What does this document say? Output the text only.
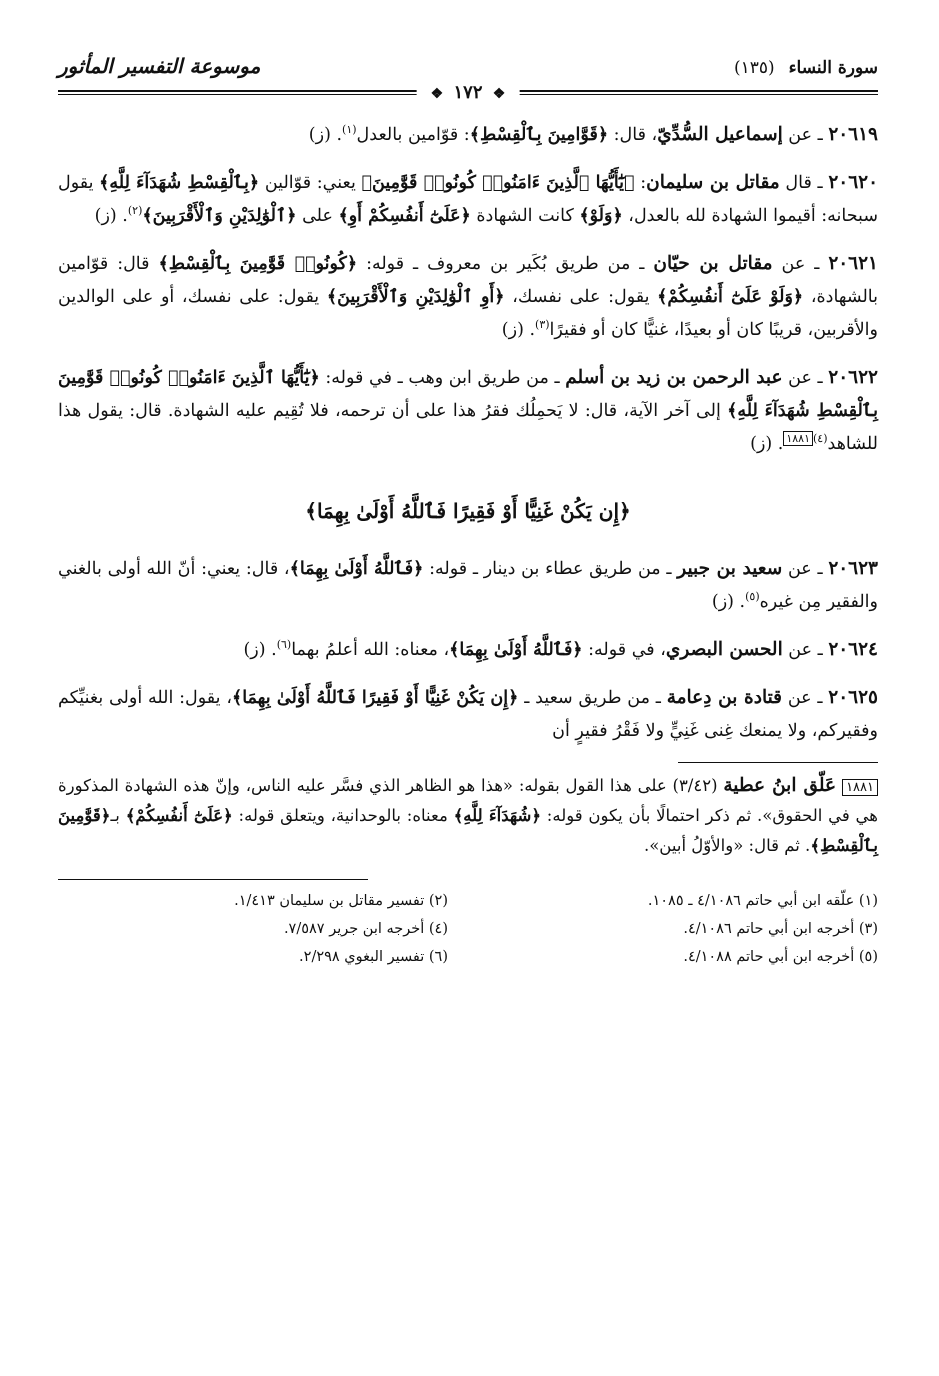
سورة النساء (١٣٥)
موسوعة التفسير المأثور
❖ ١٧٢ ❖

٢٠٦١٩ ـ عن إسماعيل السُّدِّيّ، قال: ﴿قَوَّامِينَ بِٱلْقِسْطِ﴾: قوّامين بالعدل$^{(١)}$. (ز)

٢٠٦٢٠ ـ قال مقاتل بن سليمان: ﴿يَٰٓأَيُّهَا ٱلَّذِينَ ءَامَنُوا۟ كُونُوا۟ قَوَّٰمِينَ﴾ يعني: قوّالين ﴿بِٱلْقِسْطِ شُهَدَآءَ لِلَّهِ﴾ يقول سبحانه: أقيموا الشهادة لله بالعدل، ﴿وَلَوْ﴾ كانت الشهادة ﴿عَلَىٰٓ أَنفُسِكُمْ أَوِ﴾ على ﴿ٱلْوَٰلِدَيْنِ وَٱلْأَقْرَبِينَ﴾$^{(٢)}$. (ز)

٢٠٦٢١ ـ عن مقاتل بن حيّان ـ من طريق بُكَير بن معروف ـ قوله: ﴿كُونُوا۟ قَوَّٰمِينَ بِٱلْقِسْطِ﴾ قال: قوّامين بالشهادة، ﴿وَلَوْ عَلَىٰٓ أَنفُسِكُمْ﴾ يقول: على نفسك، ﴿أَوِ ٱلْوَٰلِدَيْنِ وَٱلْأَقْرَبِينَ﴾ يقول: على نفسك، أو على الوالدين والأقربين، قريبًا كان أو بعيدًا، غنيًّا كان أو فقيرًا$^{(٣)}$. (ز)

٢٠٦٢٢ ـ عن عبد الرحمن بن زيد بن أسلم ـ من طريق ابن وهب ـ في قوله: ﴿يَٰٓأَيُّهَا ٱلَّذِينَ ءَامَنُوا۟ كُونُوا۟ قَوَّٰمِينَ بِٱلْقِسْطِ شُهَدَآءَ لِلَّهِ﴾ إلى آخر الآية، قال: لا يَحمِلُك فقرُ هذا على أن ترحمه، فلا تُقِيم عليه الشهادة. قال: يقول هذا للشاهد$^{(٤)}$١٨٨١. (ز)

﴿إِن يَكُنْ غَنِيًّا أَوْ فَقِيرًا فَٱللَّهُ أَوْلَىٰ بِهِمَا﴾

٢٠٦٢٣ ـ عن سعيد بن جبير ـ من طريق عطاء بن دينار ـ قوله: ﴿فَٱللَّهُ أَوْلَىٰ بِهِمَا﴾، قال: يعني: أنّ الله أولى بالغني والفقير مِن غيره$^{(٥)}$. (ز)

٢٠٦٢٤ ـ عن الحسن البصري، في قوله: ﴿فَٱللَّهُ أَوْلَىٰ بِهِمَا﴾، معناه: الله أعلمُ بهما$^{(٦)}$. (ز)

٢٠٦٢٥ ـ عن قتادة بن دِعامة ـ من طريق سعيد ـ ﴿إِن يَكُنْ غَنِيًّا أَوْ فَقِيرًا فَٱللَّهُ أَوْلَىٰ بِهِمَا﴾، يقول: الله أولى بغنيِّكم وفقيركم، ولا يمنعك غِنى غَنِيٍّ ولا فَقْرُ فقيرٍ أن

١٨٨١عَلّق ابنُ عطية (٣/٤٢) على هذا القول بقوله: «هذا هو الظاهر الذي فسَّر عليه الناس، وإنّ هذه الشهادة المذكورة هي في الحقوق». ثم ذكر احتمالًا بأن يكون قوله: ﴿شُهَدَآءَ لِلَّهِ﴾ معناه: بالوحدانية، ويتعلق قوله: ﴿عَلَىٰٓ أَنفُسِكُمْ﴾ بـ﴿قَوَّٰمِينَ بِٱلْقِسْطِ﴾. ثم قال: «والأوّلُ أبين».
(١) علّقه ابن أبي حاتم ٤/١٠٨٦ ـ ١٠٨٥.
(٢) تفسير مقاتل بن سليمان ١/٤١٣.
(٣) أخرجه ابن أبي حاتم ٤/١٠٨٦.
(٤) أخرجه ابن جرير ٧/٥٨٧.
(٥) أخرجه ابن أبي حاتم ٤/١٠٨٨.
(٦) تفسير البغوي ٢/٢٩٨.
